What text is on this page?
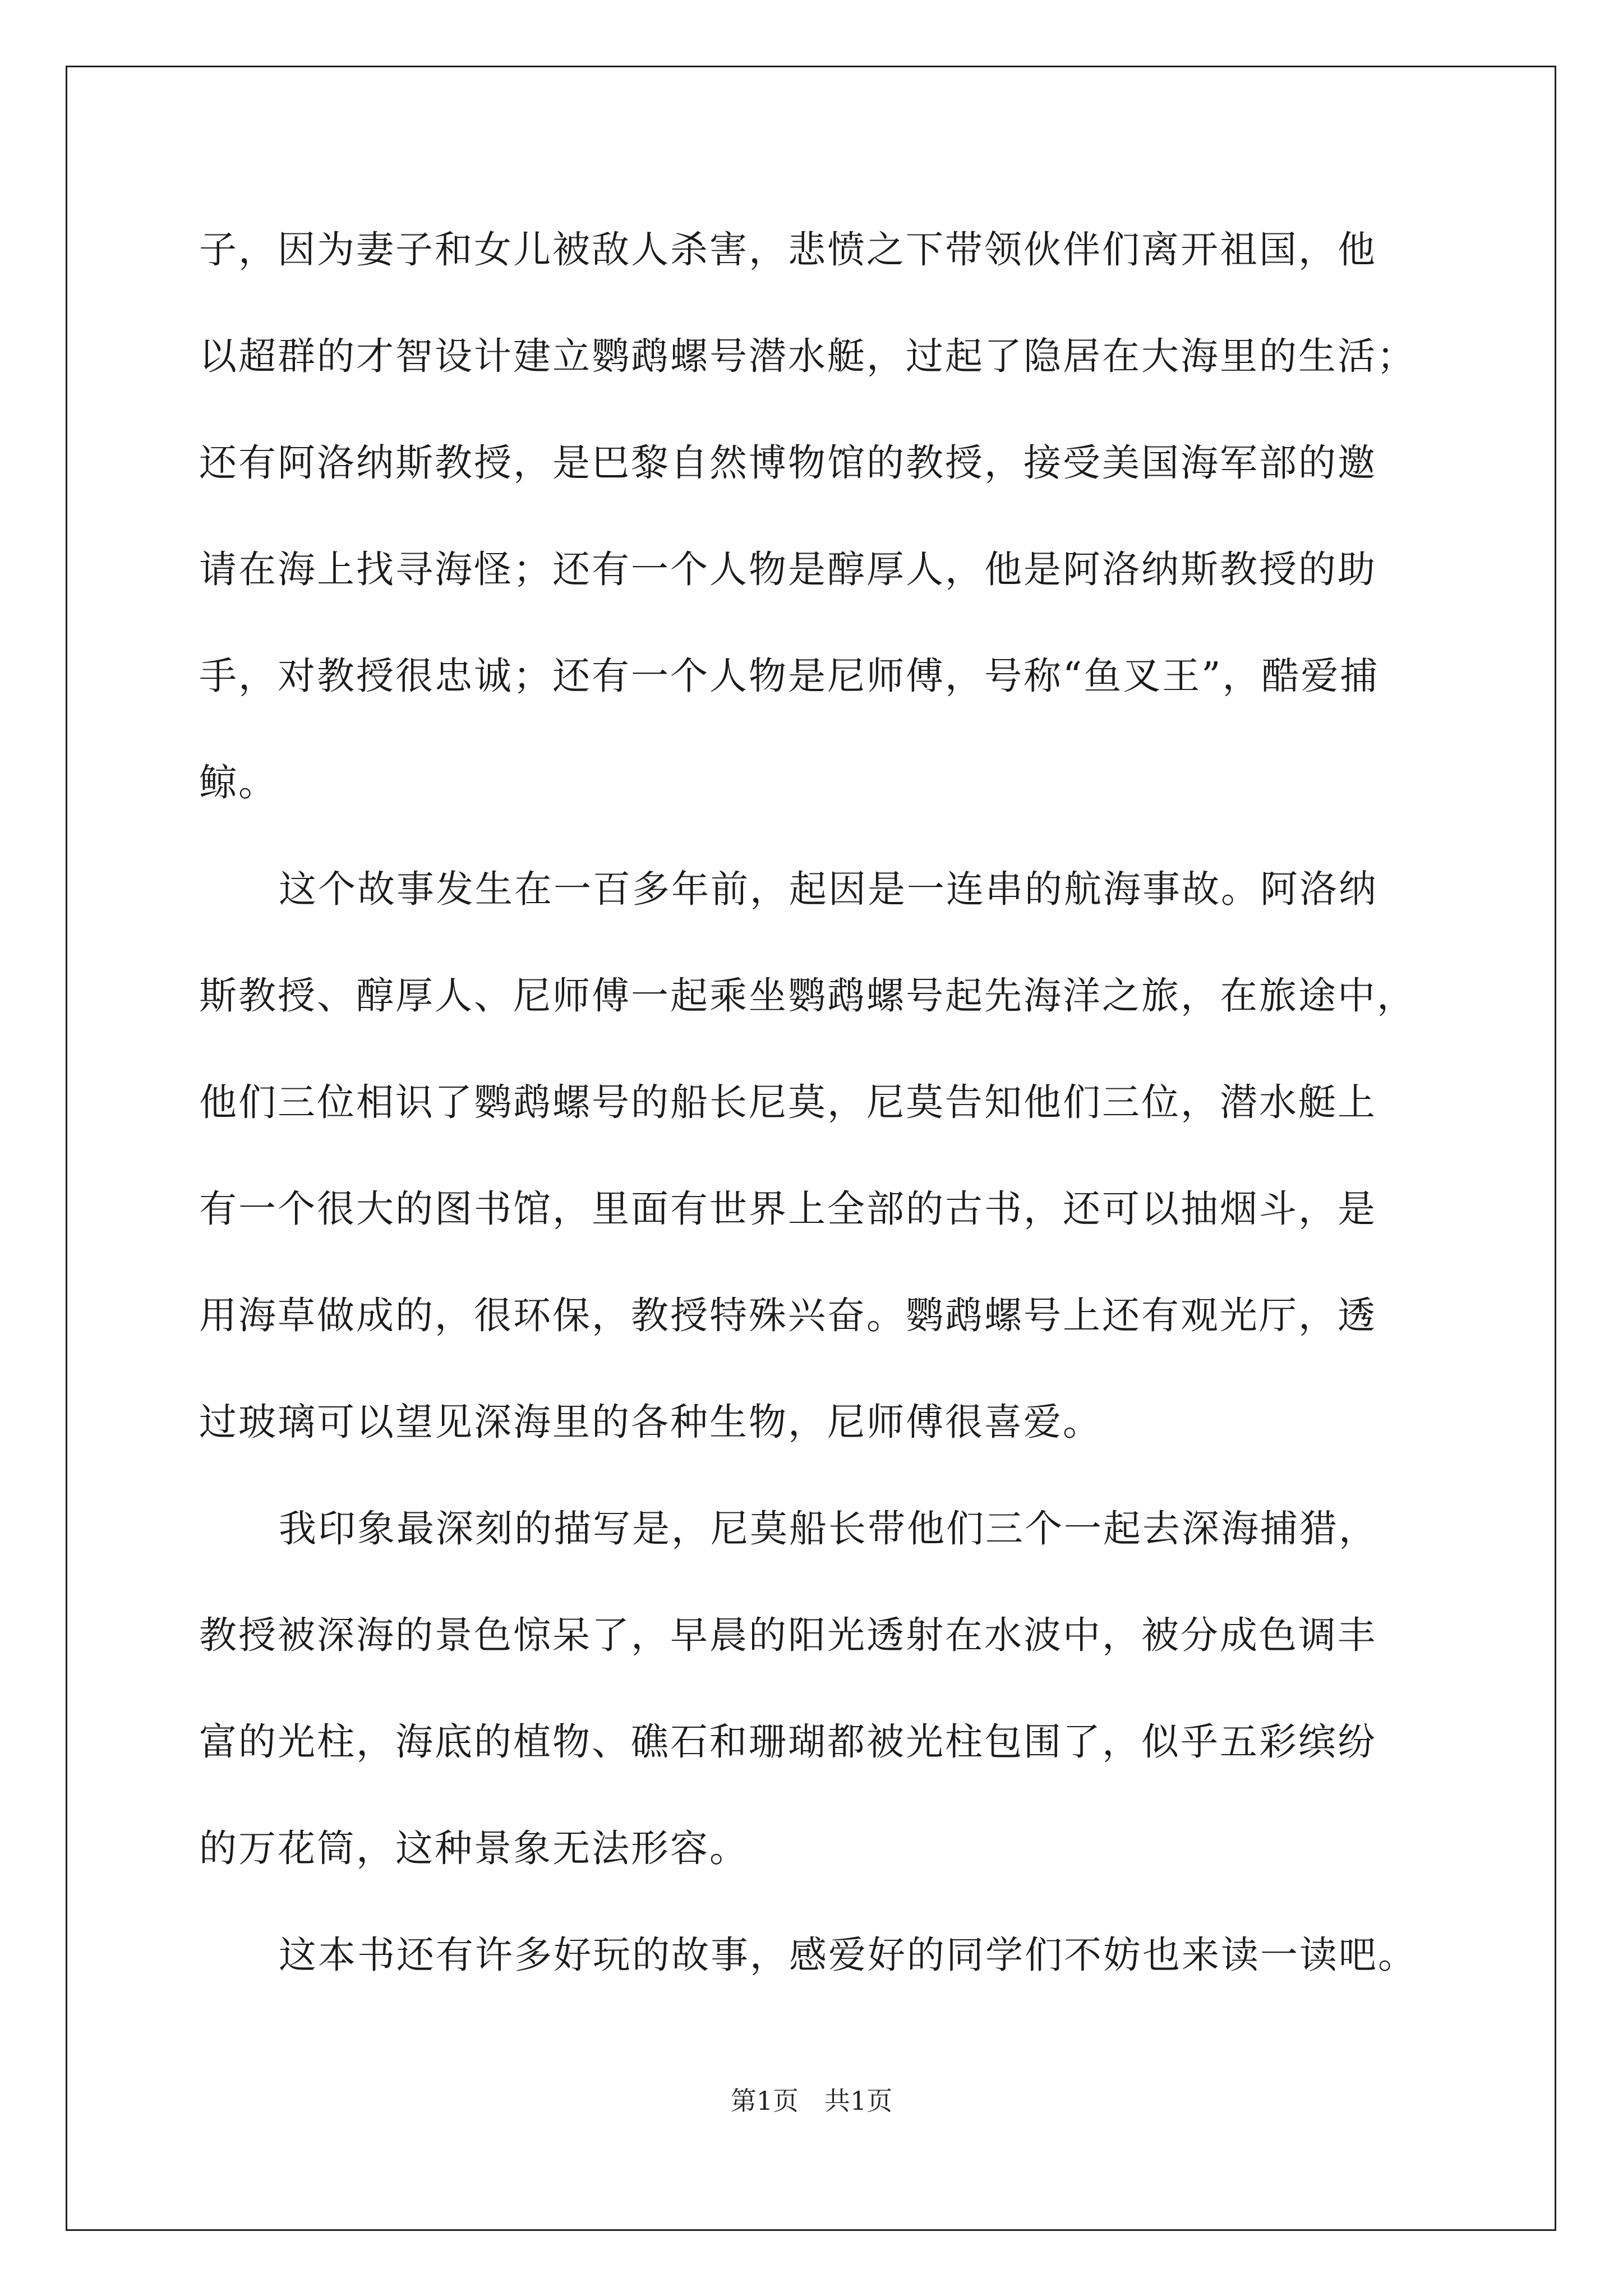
子，因为妻子和女儿被敌人杀害，悲愤之下带领伙伴们离开祖国，他
以超群的才智设计建立鹦鹉螺号潜水艇，过起了隐居在大海里的生活；
还有阿洛纳斯教授，是巴黎自然博物馆的教授，接受美国海军部的邀
请在海上找寻海怪；还有一个人物是醇厚人，他是阿洛纳斯教授的助
手，对教授很忠诚；还有一个人物是尼师傅，号称“鱼叉王”，酷爱捕
鲸。
这个故事发生在一百多年前，起因是一连串的航海事故。阿洛纳
斯教授、醇厚人、尼师傅一起乘坐鹦鹉螺号起先海洋之旅，在旅途中，
他们三位相识了鹦鹉螺号的船长尼莫，尼莫告知他们三位，潜水艇上
有一个很大的图书馆，里面有世界上全部的古书，还可以抽烟斗，是
用海草做成的，很环保，教授特殊兴奋。鹦鹉螺号上还有观光厅，透
过玻璃可以望见深海里的各种生物，尼师傅很喜爱。
我印象最深刻的描写是，尼莫船长带他们三个一起去深海捕猎，
教授被深海的景色惊呆了，早晨的阳光透射在水波中，被分成色调丰
富的光柱，海底的植物、礁石和珊瑚都被光柱包围了，似乎五彩缤纷
的万花筒，这种景象无法形容。
这本书还有许多好玩的故事，感爱好的同学们不妨也来读一读吧。
第1页　共1页
